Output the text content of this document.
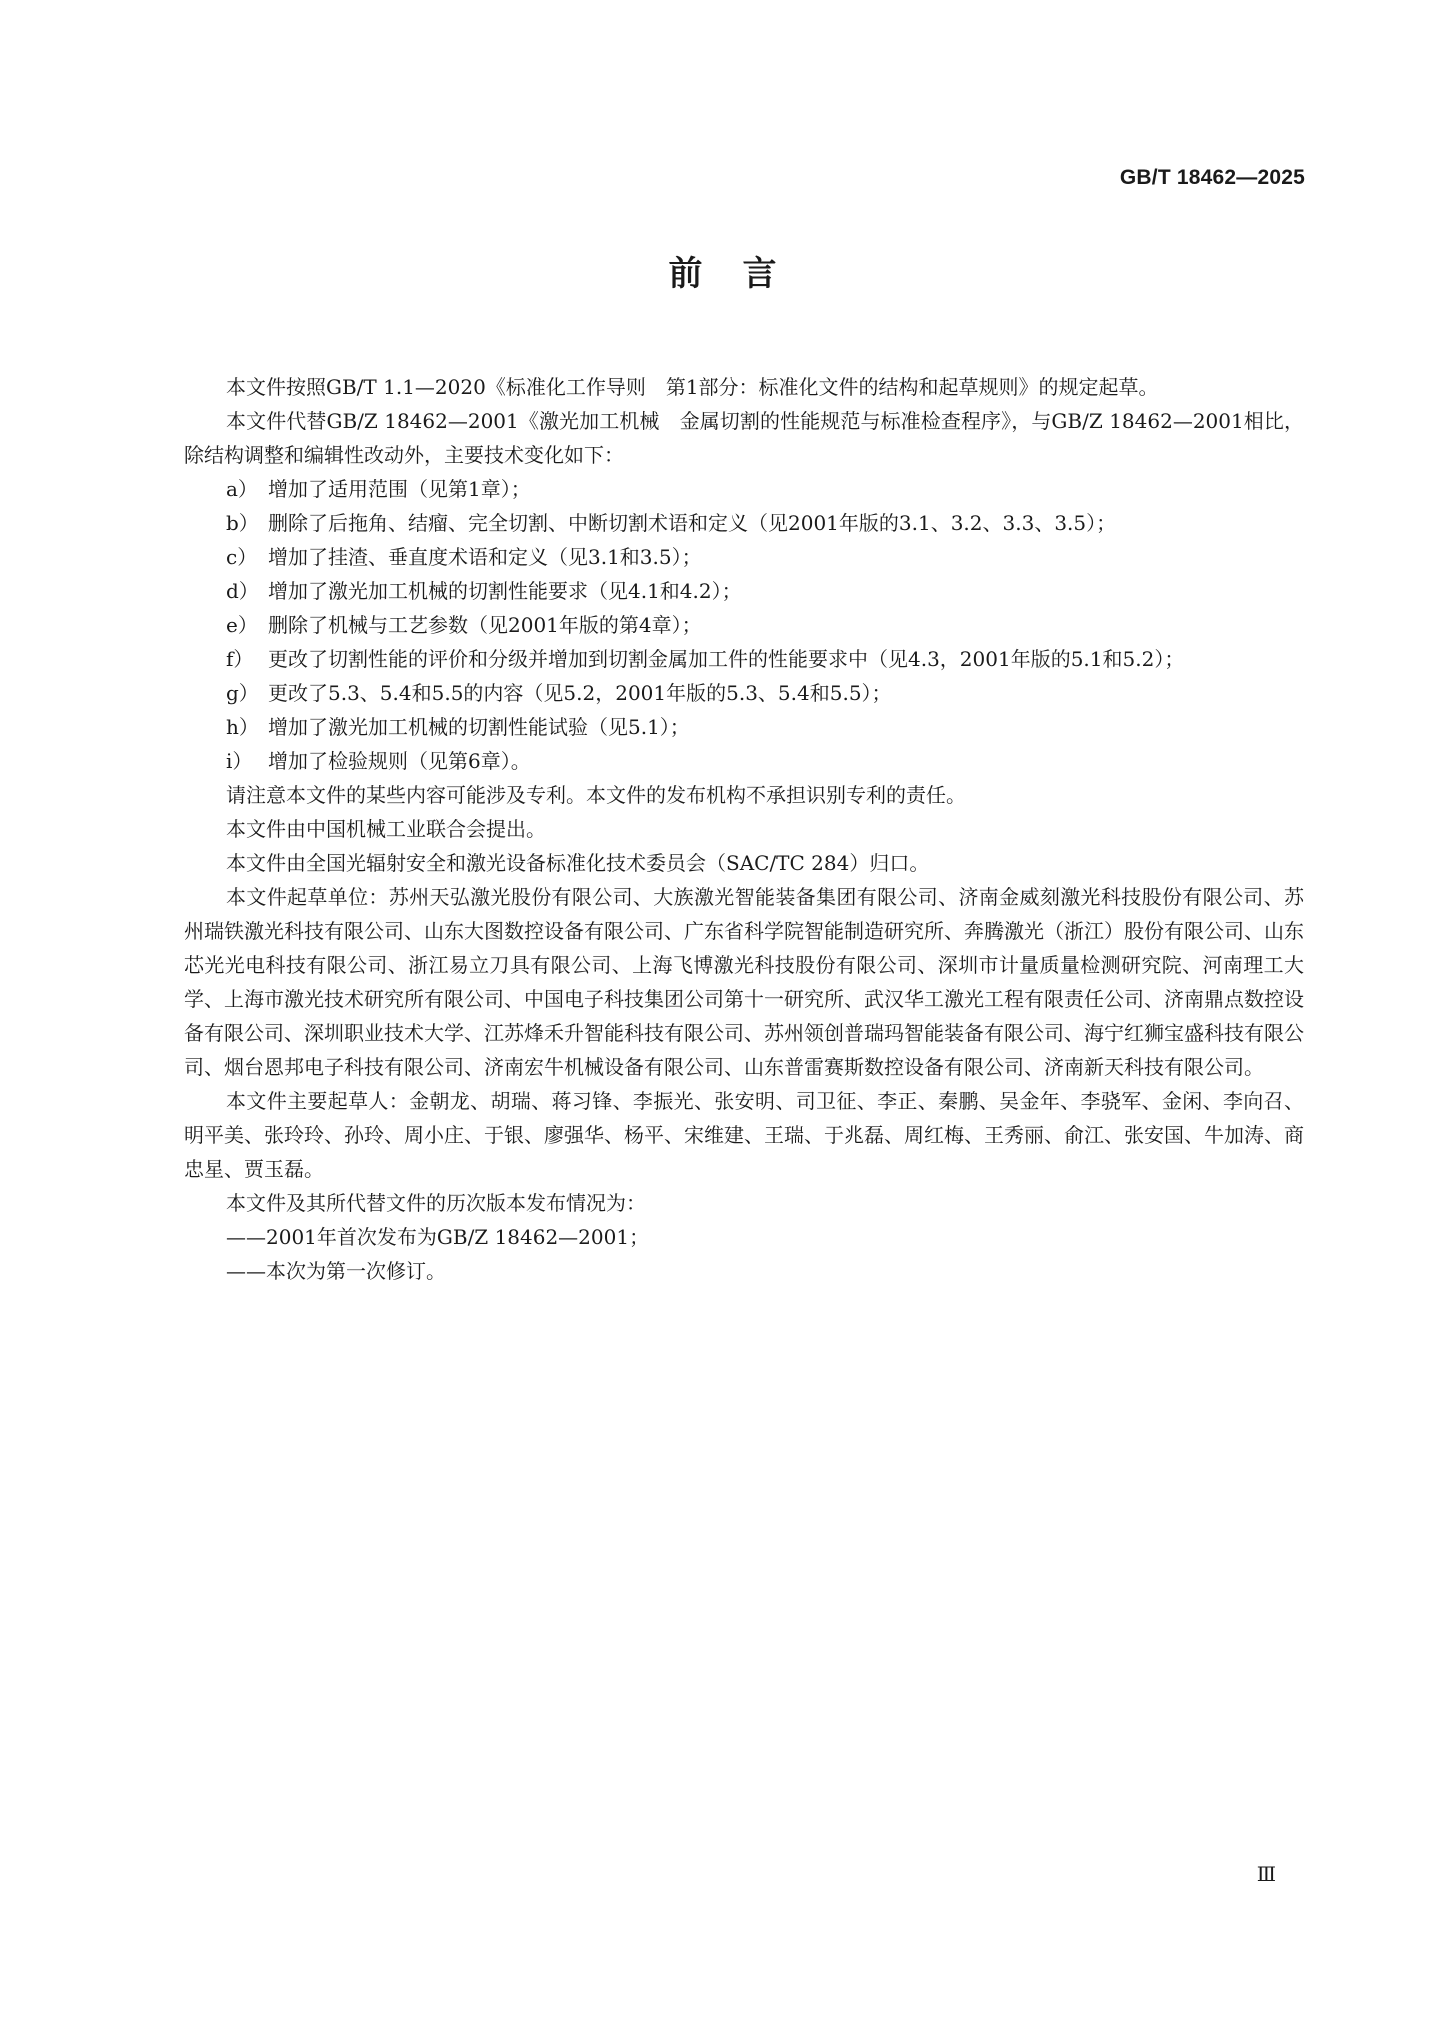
GB/T 18462—2025
前言

本文件按照GB/T 1.1—2020《标准化工作导则　第1部分：标准化文件的结构和起草规则》的规定起草。

本文件代替GB/Z 18462—2001《激光加工机械　金属切割的性能规范与标准检查程序》，与GB/Z 18462—2001相比，除结构调整和编辑性改动外，主要技术变化如下：

a） 增加了适用范围（见第1章）；
b） 删除了后拖角、结瘤、完全切割、中断切割术语和定义（见2001年版的3.1、3.2、3.3、3.5）；
c） 增加了挂渣、垂直度术语和定义（见3.1和3.5）；
d） 增加了激光加工机械的切割性能要求（见4.1和4.2）；
e） 删除了机械与工艺参数（见2001年版的第4章）；
f） 更改了切割性能的评价和分级并增加到切割金属加工件的性能要求中（见4.3，2001年版的5.1和5.2）；
g） 更改了5.3、5.4和5.5的内容（见5.2，2001年版的5.3、5.4和5.5）；
h） 增加了激光加工机械的切割性能试验（见5.1）；
i） 增加了检验规则（见第6章）。

请注意本文件的某些内容可能涉及专利。本文件的发布机构不承担识别专利的责任。

本文件由中国机械工业联合会提出。

本文件由全国光辐射安全和激光设备标准化技术委员会（SAC/TC 284）归口。

本文件起草单位：苏州天弘激光股份有限公司、大族激光智能装备集团有限公司、济南金威刻激光科技股份有限公司、苏州瑞铁激光科技有限公司、山东大图数控设备有限公司、广东省科学院智能制造研究所、奔腾激光（浙江）股份有限公司、山东芯光光电科技有限公司、浙江易立刀具有限公司、上海飞博激光科技股份有限公司、深圳市计量质量检测研究院、河南理工大学、上海市激光技术研究所有限公司、中国电子科技集团公司第十一研究所、武汉华工激光工程有限责任公司、济南鼎点数控设备有限公司、深圳职业技术大学、江苏烽禾升智能科技有限公司、苏州领创普瑞玛智能装备有限公司、海宁红狮宝盛科技有限公司、烟台恩邦电子科技有限公司、济南宏牛机械设备有限公司、山东普雷赛斯数控设备有限公司、济南新天科技有限公司。

本文件主要起草人：金朝龙、胡瑞、蒋习锋、李振光、张安明、司卫征、李正、秦鹏、吴金年、李骁军、金闲、李向召、明平美、张玲玲、孙玲、周小庄、于银、廖强华、杨平、宋维建、王瑞、于兆磊、周红梅、王秀丽、俞江、张安国、牛加涛、商忠星、贾玉磊。

本文件及其所代替文件的历次版本发布情况为：

——2001年首次发布为GB/Z 18462—2001；
——本次为第一次修订。
Ⅲ
